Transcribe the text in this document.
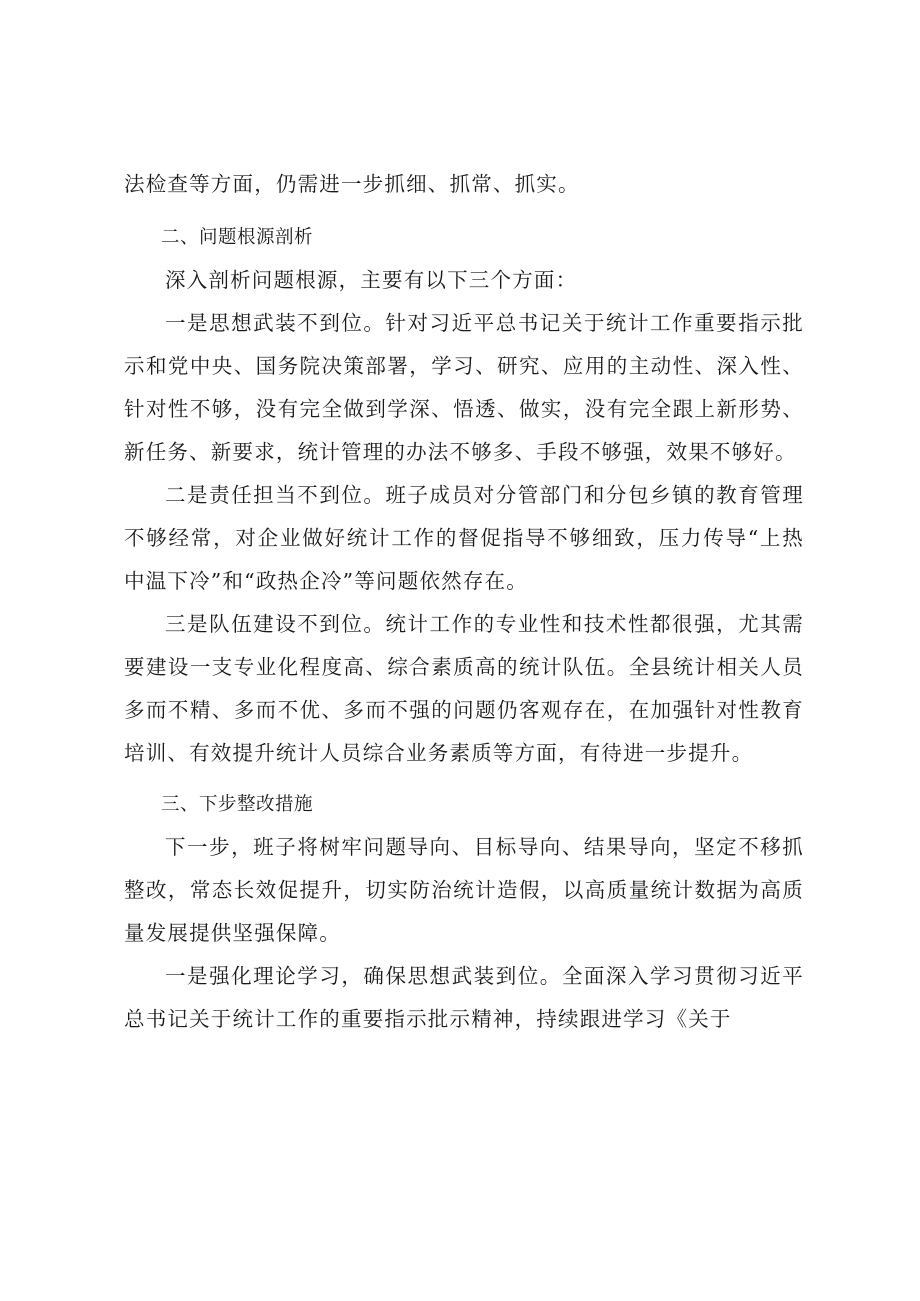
法检查等方面，仍需进一步抓细、抓常、抓实。

二、问题根源剖析

深入剖析问题根源，主要有以下三个方面：

一是思想武装不到位。针对习近平总书记关于统计工作重要指示批示和党中央、国务院决策部署，学习、研究、应用的主动性、深入性、针对性不够，没有完全做到学深、悟透、做实，没有完全跟上新形势、新任务、新要求，统计管理的办法不够多、手段不够强，效果不够好。

二是责任担当不到位。班子成员对分管部门和分包乡镇的教育管理不够经常，对企业做好统计工作的督促指导不够细致，压力传导“上热中温下冷”和“政热企冷”等问题依然存在。

三是队伍建设不到位。统计工作的专业性和技术性都很强，尤其需要建设一支专业化程度高、综合素质高的统计队伍。全县统计相关人员多而不精、多而不优、多而不强的问题仍客观存在，在加强针对性教育培训、有效提升统计人员综合业务素质等方面，有待进一步提升。

三、下步整改措施

下一步，班子将树牢问题导向、目标导向、结果导向，坚定不移抓整改，常态长效促提升，切实防治统计造假，以高质量统计数据为高质量发展提供坚强保障。

一是强化理论学习，确保思想武装到位。全面深入学习贯彻习近平总书记关于统计工作的重要指示批示精神，持续跟进学习《关于
